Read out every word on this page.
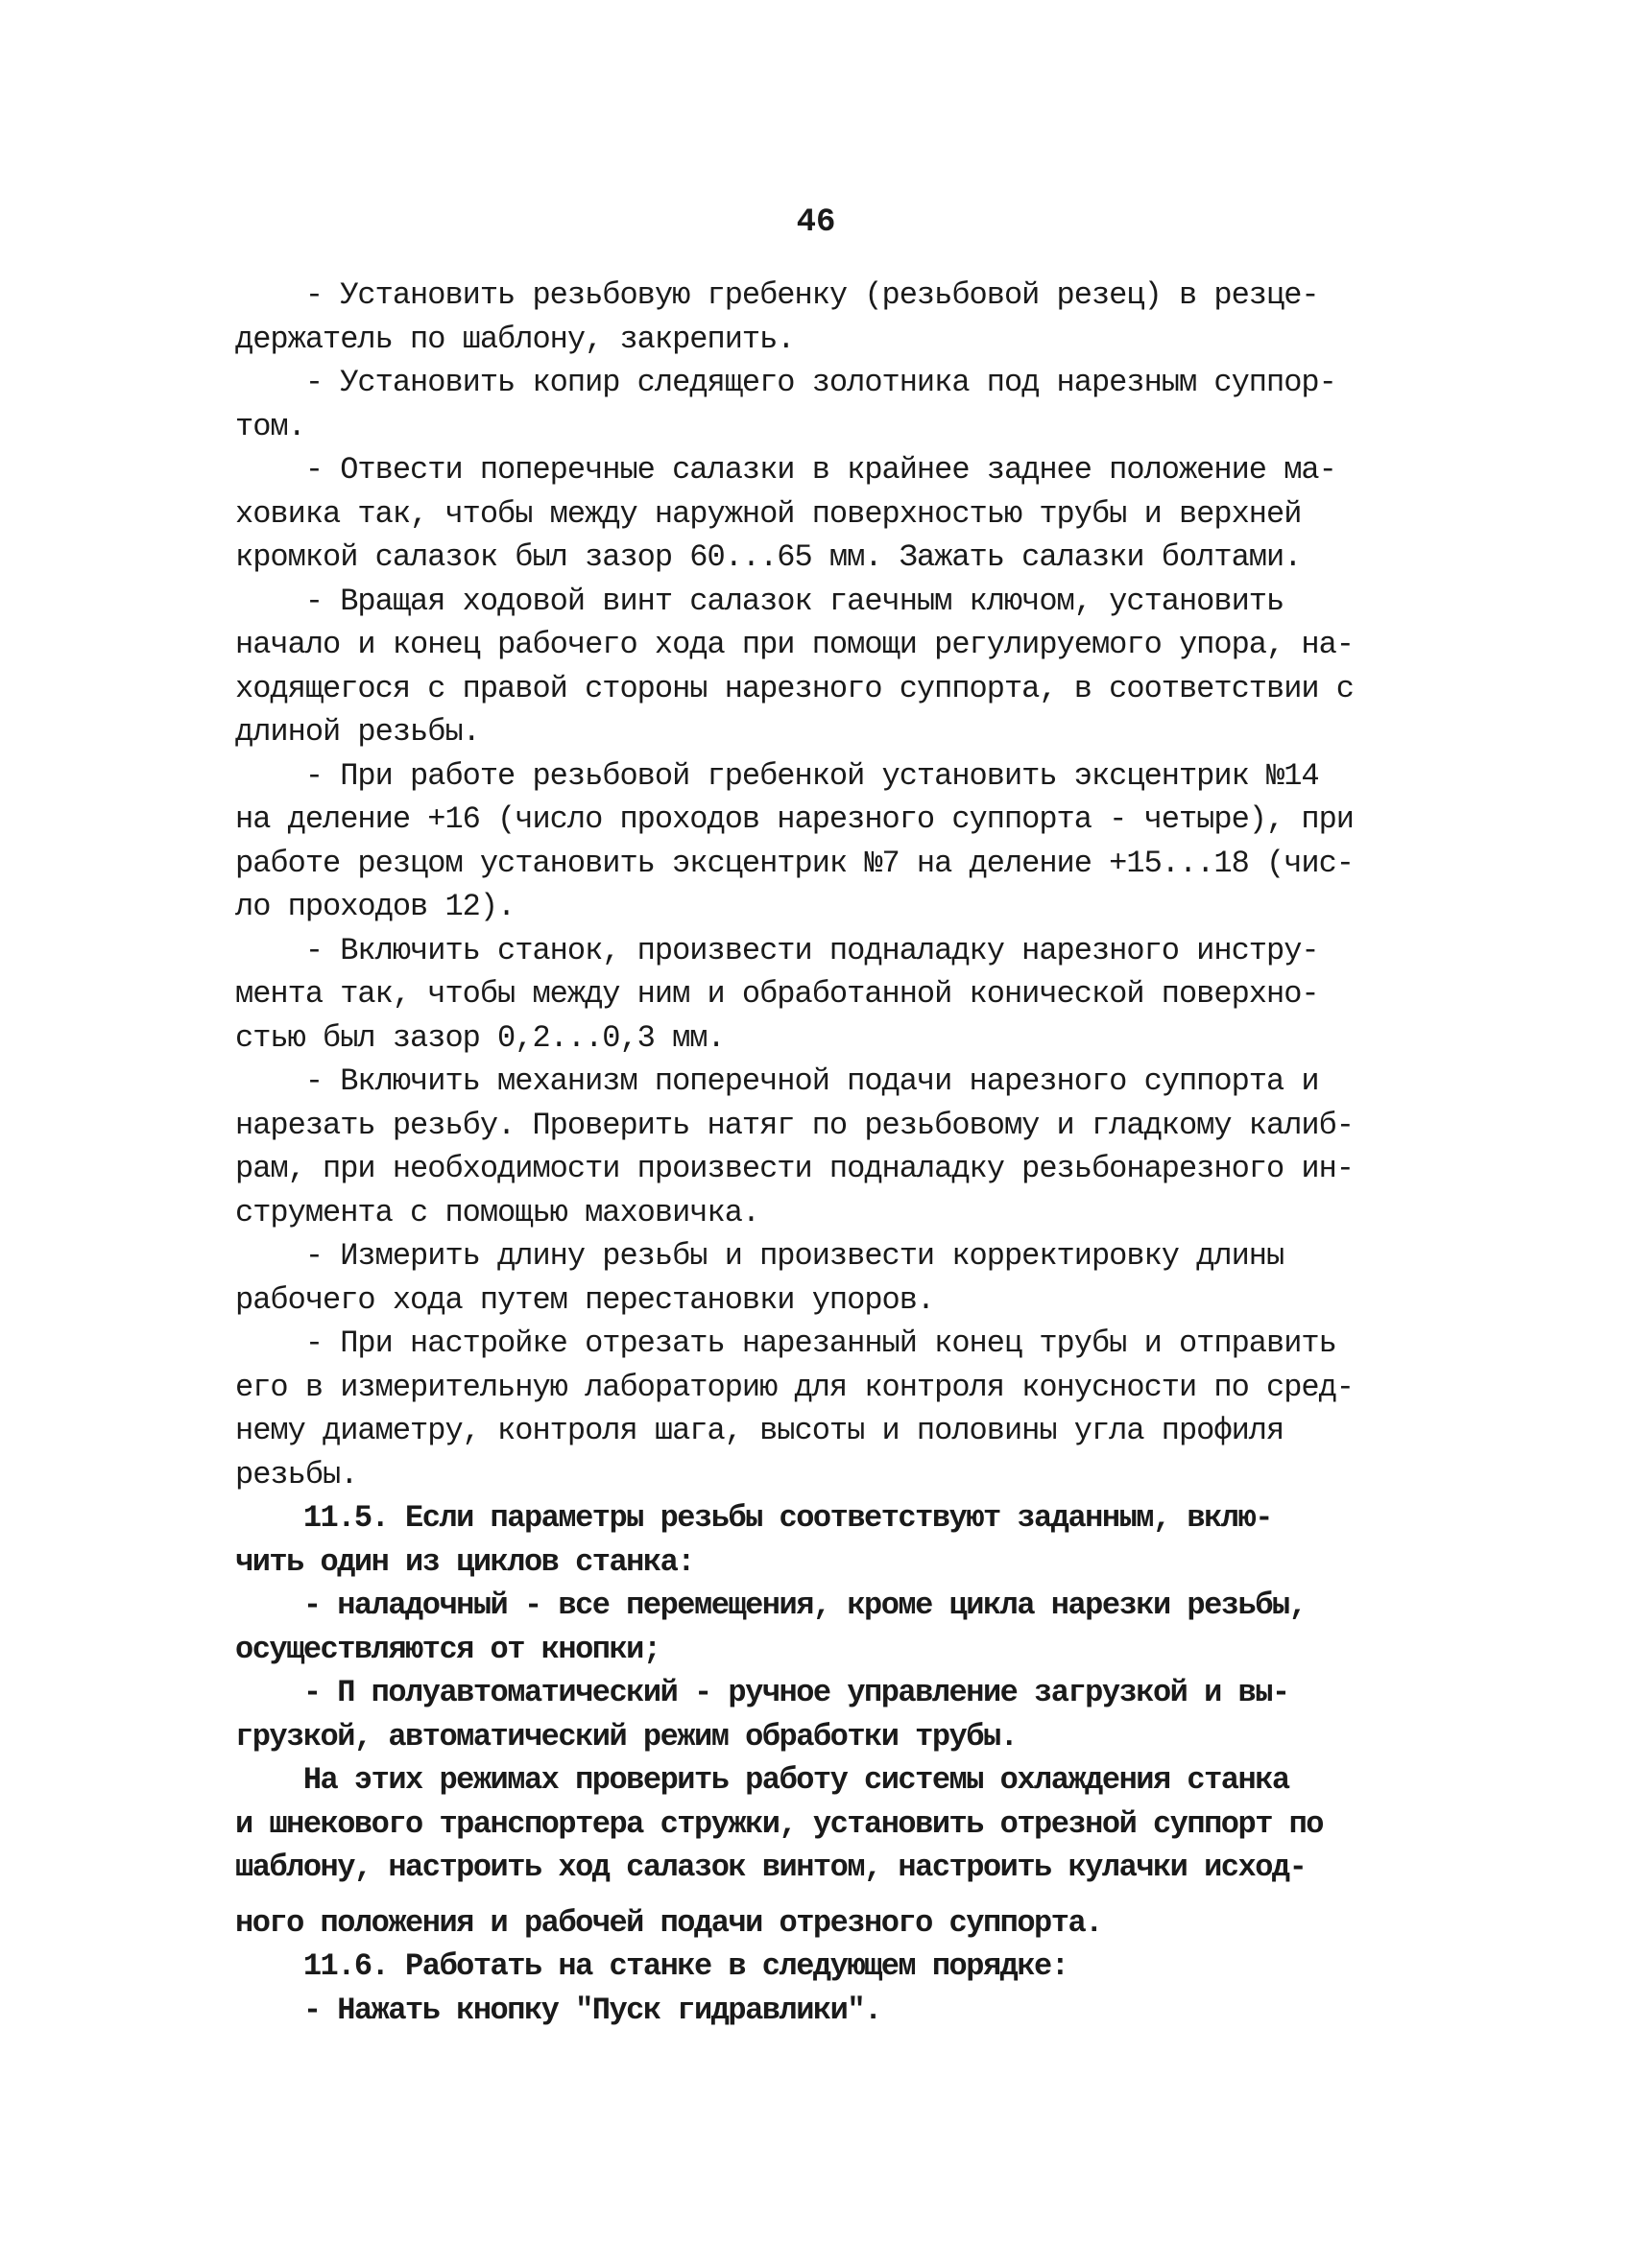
46
- Установить резьбовую гребенку (резьбовой резец) в резце-
держатель по шаблону, закрепить.
- Установить копир следящего золотника под нарезным суппор-
том.
- Отвести поперечные салазки в крайнее заднее положение ма-
ховика так, чтобы между наружной поверхностью трубы и верхней
кромкой салазок был зазор 60...65 мм. Зажать салазки болтами.
- Вращая ходовой винт салазок гаечным ключом, установить
начало и конец рабочего хода при помощи регулируемого упора, на-
ходящегося с правой стороны нарезного суппорта, в соответствии с
длиной резьбы.
- При работе резьбовой гребенкой установить эксцентрик №14
на деление +16 (число проходов нарезного суппорта - четыре), при
работе резцом установить эксцентрик №7 на деление +15...18 (чис-
ло проходов 12).
- Включить станок, произвести подналадку нарезного инстру-
мента так, чтобы между ним и обработанной конической поверхно-
стью был зазор 0,2...0,3 мм.
- Включить механизм поперечной подачи нарезного суппорта и
нарезать резьбу. Проверить натяг по резьбовому и гладкому калиб-
рам, при необходимости произвести подналадку резьбонарезного ин-
струмента с помощью маховичка.
- Измерить длину резьбы и произвести корректировку длины
рабочего хода путем перестановки упоров.
- При настройке отрезать нарезанный конец трубы и отправить
его в измерительную лабораторию для контроля конусности по сред-
нему диаметру, контроля шага, высоты и половины угла профиля
резьбы.
11.5. Если параметры резьбы соответствуют заданным, вклю-
чить один из циклов станка:
- наладочный - все перемещения, кроме цикла нарезки резьбы,
осуществляются от кнопки;
- П полуавтоматический - ручное управление загрузкой и вы-
грузкой, автоматический режим обработки трубы.
На этих режимах проверить работу системы охлаждения станка
и шнекового транспортера стружки, установить отрезной суппорт по
шаблону, настроить ход салазок винтом, настроить кулачки исход-
ного положения и рабочей подачи отрезного суппорта.
11.6. Работать на станке в следующем порядке:
- Нажать кнопку "Пуск гидравлики".
